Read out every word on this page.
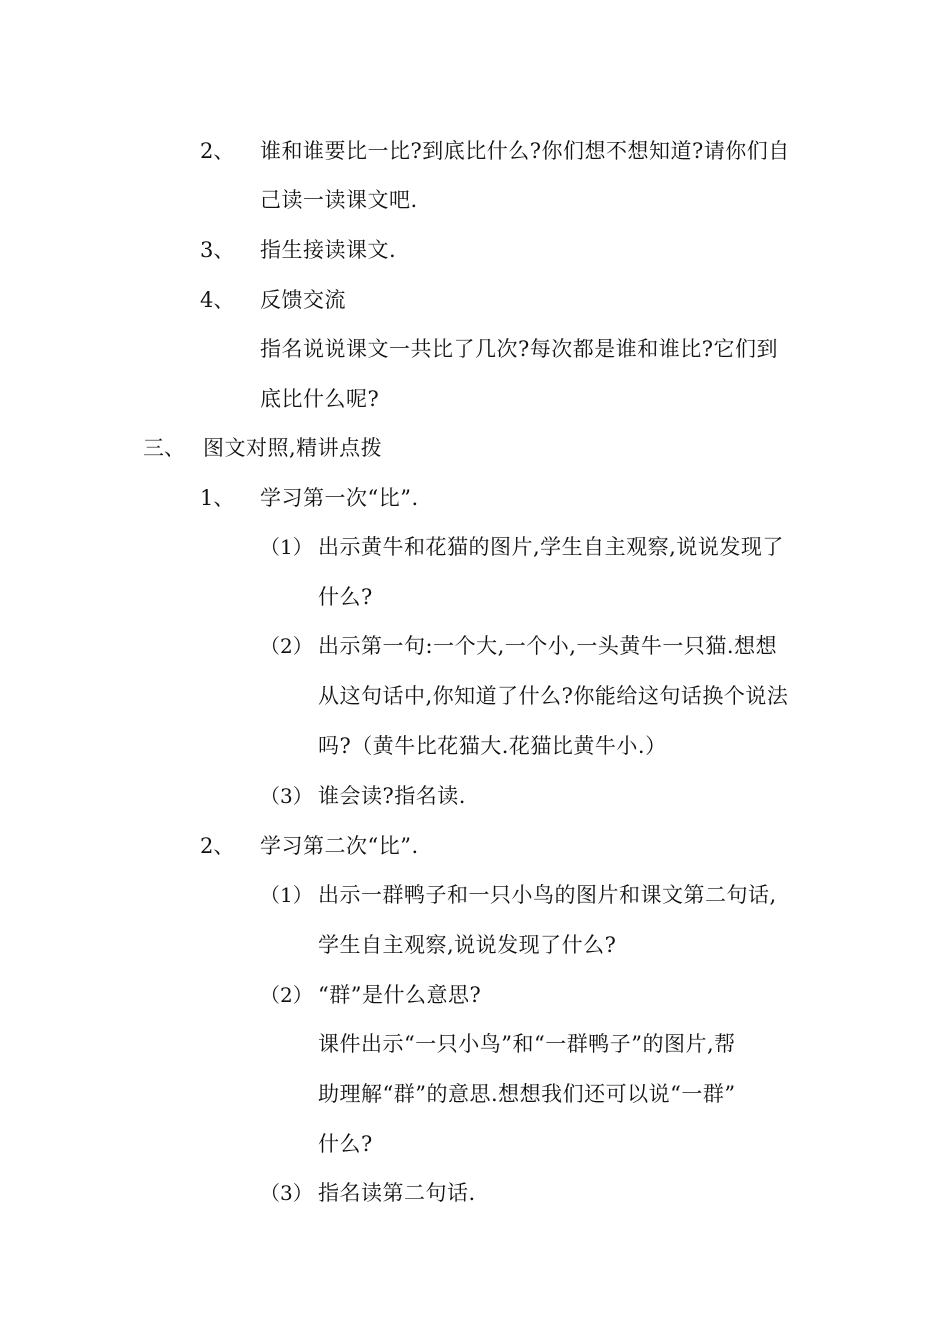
2、 谁和谁要比一比?到底比什么?你们想不想知道?请你们自
己读一读课文吧.
3、 指生接读课文.
4、 反馈交流
指名说说课文一共比了几次?每次都是谁和谁比?它们到
底比什么呢?
三、 图文对照,精讲点拨
1、 学习第一次“比”.
（1） 出示黄牛和花猫的图片,学生自主观察,说说发现了
什么?
（2） 出示第一句:一个大,一个小,一头黄牛一只猫.想想
从这句话中,你知道了什么?你能给这句话换个说法
吗?（黄牛比花猫大.花猫比黄牛小.）
（3） 谁会读?指名读.
2、 学习第二次“比”.
（1） 出示一群鸭子和一只小鸟的图片和课文第二句话,
学生自主观察,说说发现了什么?
（2） “群”是什么意思?
课件出示“一只小鸟”和“一群鸭子”的图片,帮
助理解“群”的意思.想想我们还可以说“一群”
什么?
（3） 指名读第二句话.
